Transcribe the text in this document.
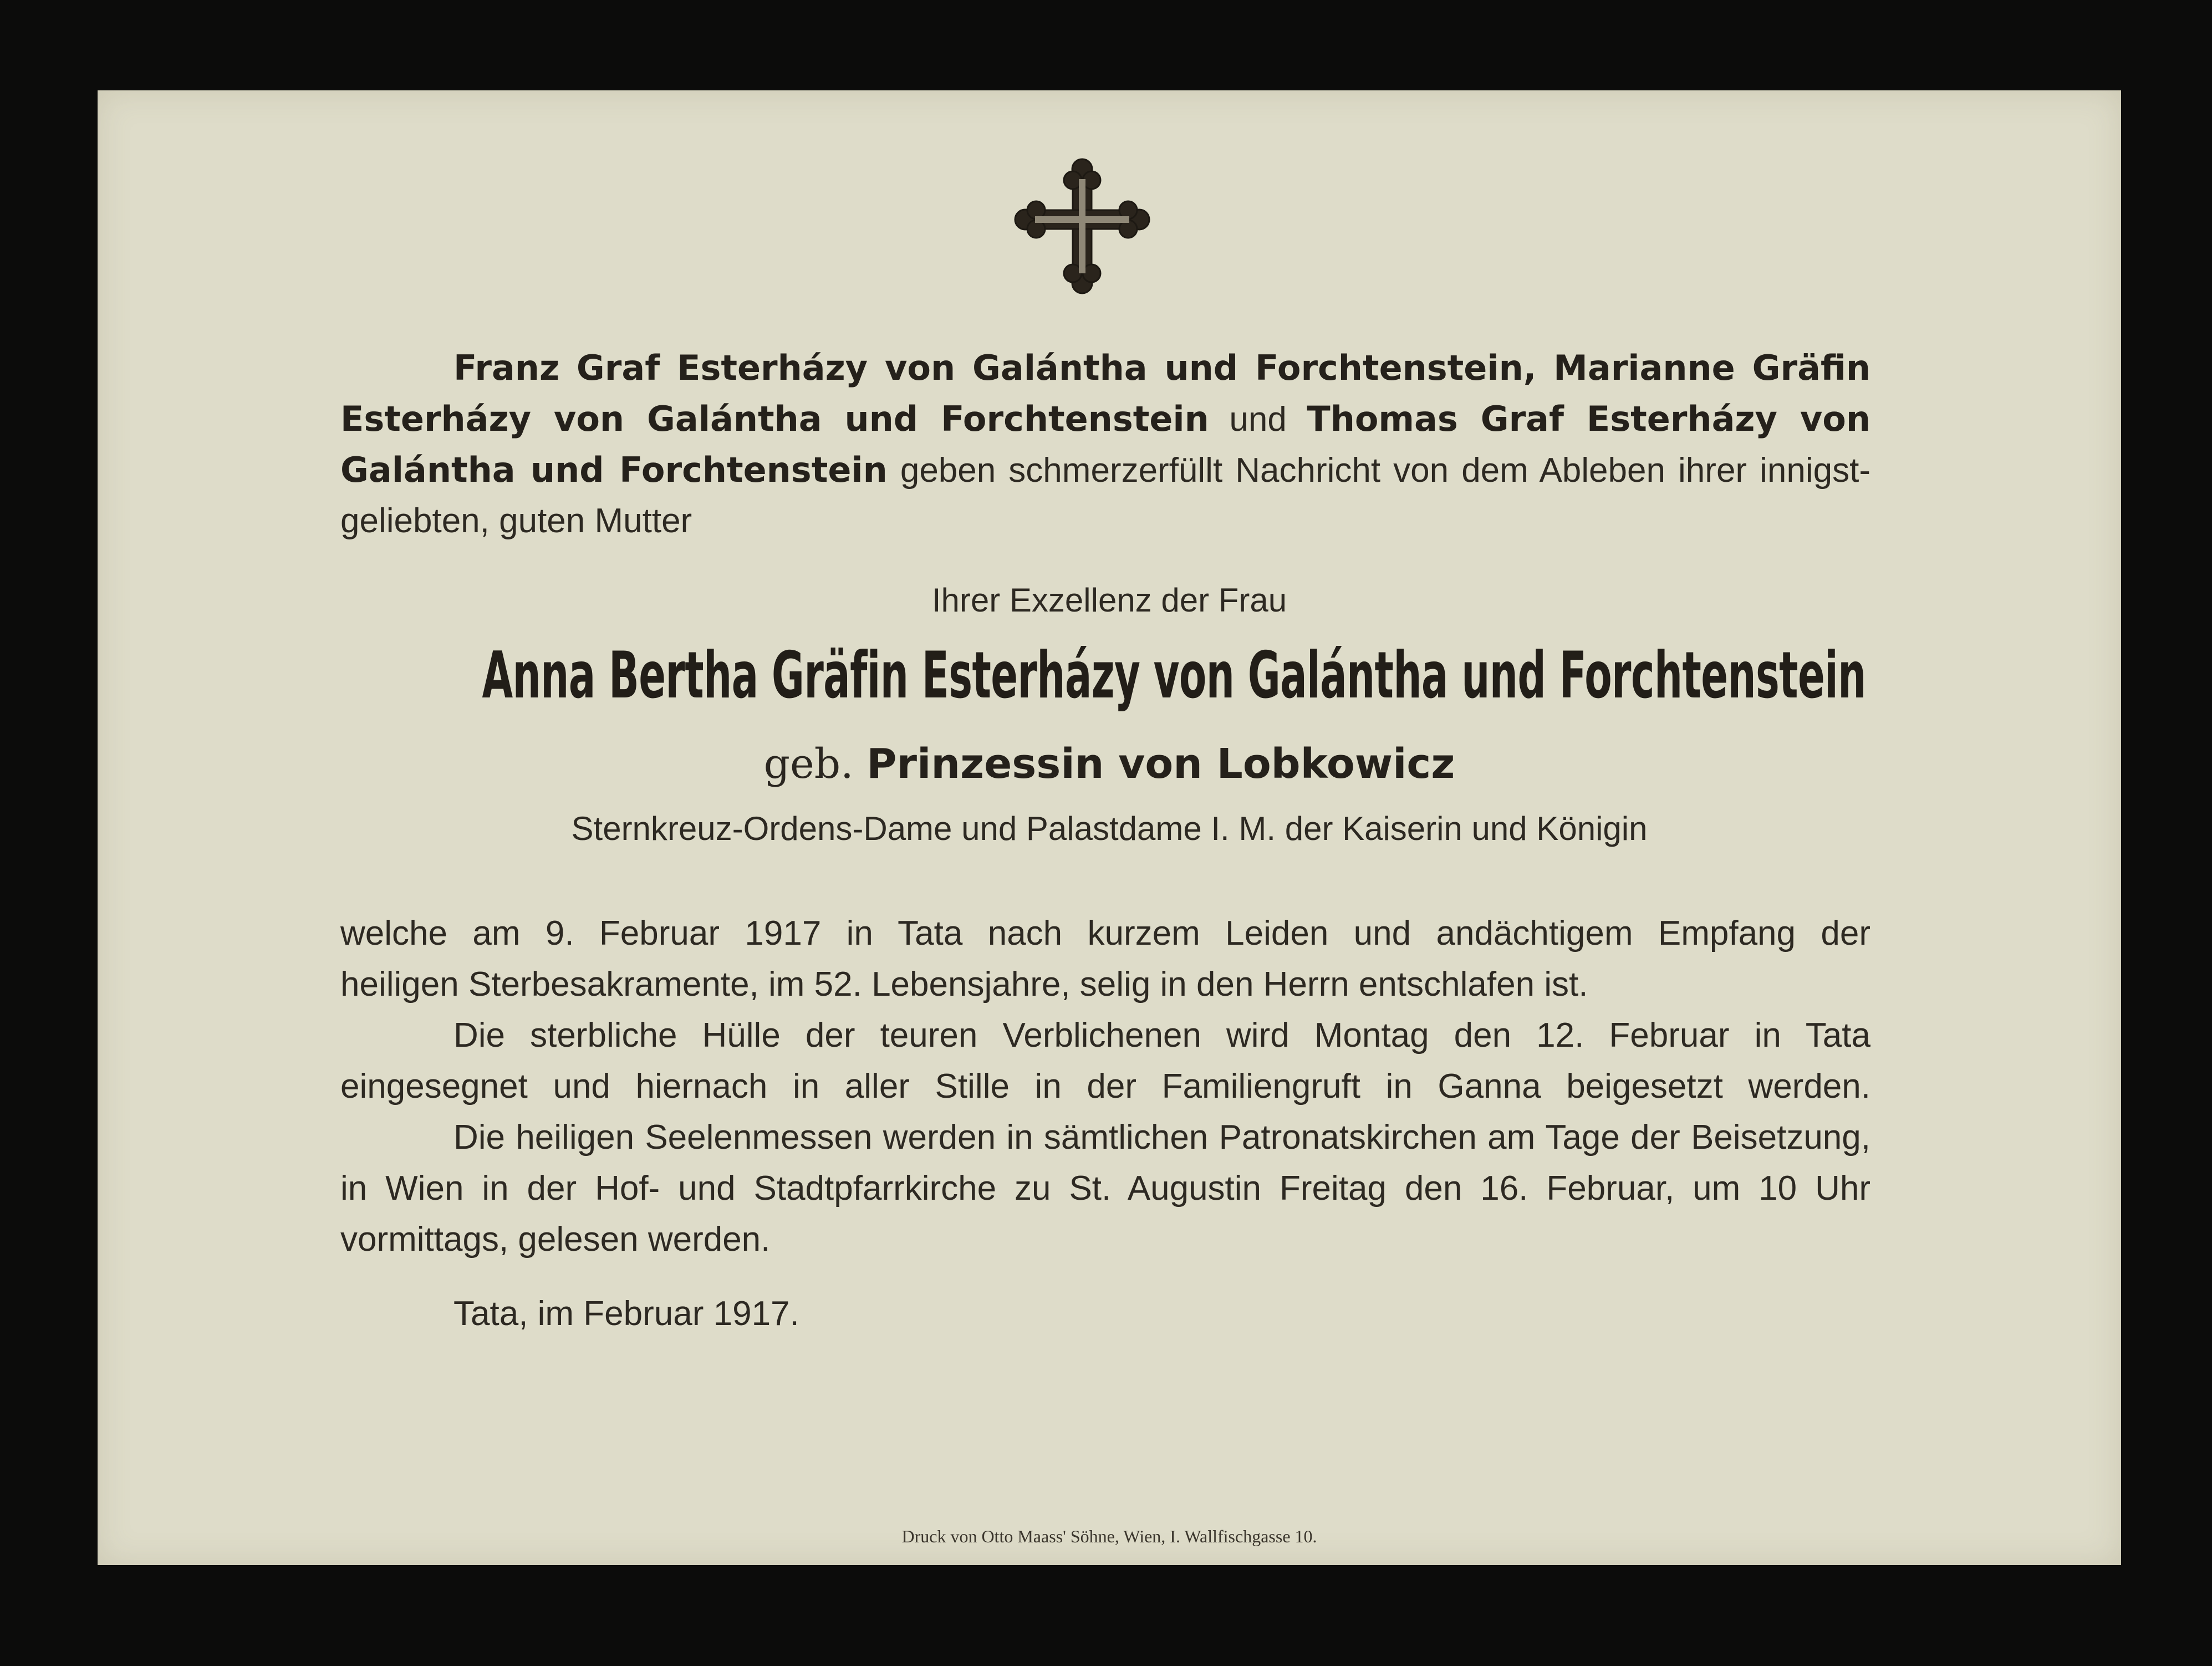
Franz Graf Esterházy von Galántha und Forchtenstein, Marianne Gräfin
Esterházy von Galántha und Forchtenstein und Thomas Graf Esterházy von
Galántha und Forchtenstein geben schmerzerfüllt Nachricht von dem Ableben ihrer innigst-
geliebten, guten Mutter
Ihrer Exzellenz der Frau
Anna Bertha Gräfin Esterházy von Galántha und Forchtenstein
geb. Prinzessin von Lobkowicz
Sternkreuz-Ordens-Dame und Palastdame I. M. der Kaiserin und Königin
welche am 9. Februar 1917 in Tata nach kurzem Leiden und andächtigem Empfang der
heiligen Sterbesakramente, im 52. Lebensjahre, selig in den Herrn entschlafen ist.
Die sterbliche Hülle der teuren Verblichenen wird Montag den 12. Februar in Tata
eingesegnet und hiernach in aller Stille in der Familiengruft in Ganna beigesetzt werden.
Die heiligen Seelenmessen werden in sämtlichen Patronatskirchen am Tage der Beisetzung,
in Wien in der Hof- und Stadtpfarrkirche zu St. Augustin Freitag den 16. Februar, um 10 Uhr
vormittags, gelesen werden.
Tata, im Februar 1917.
Druck von Otto Maass' Söhne, Wien, I. Wallfischgasse 10.
